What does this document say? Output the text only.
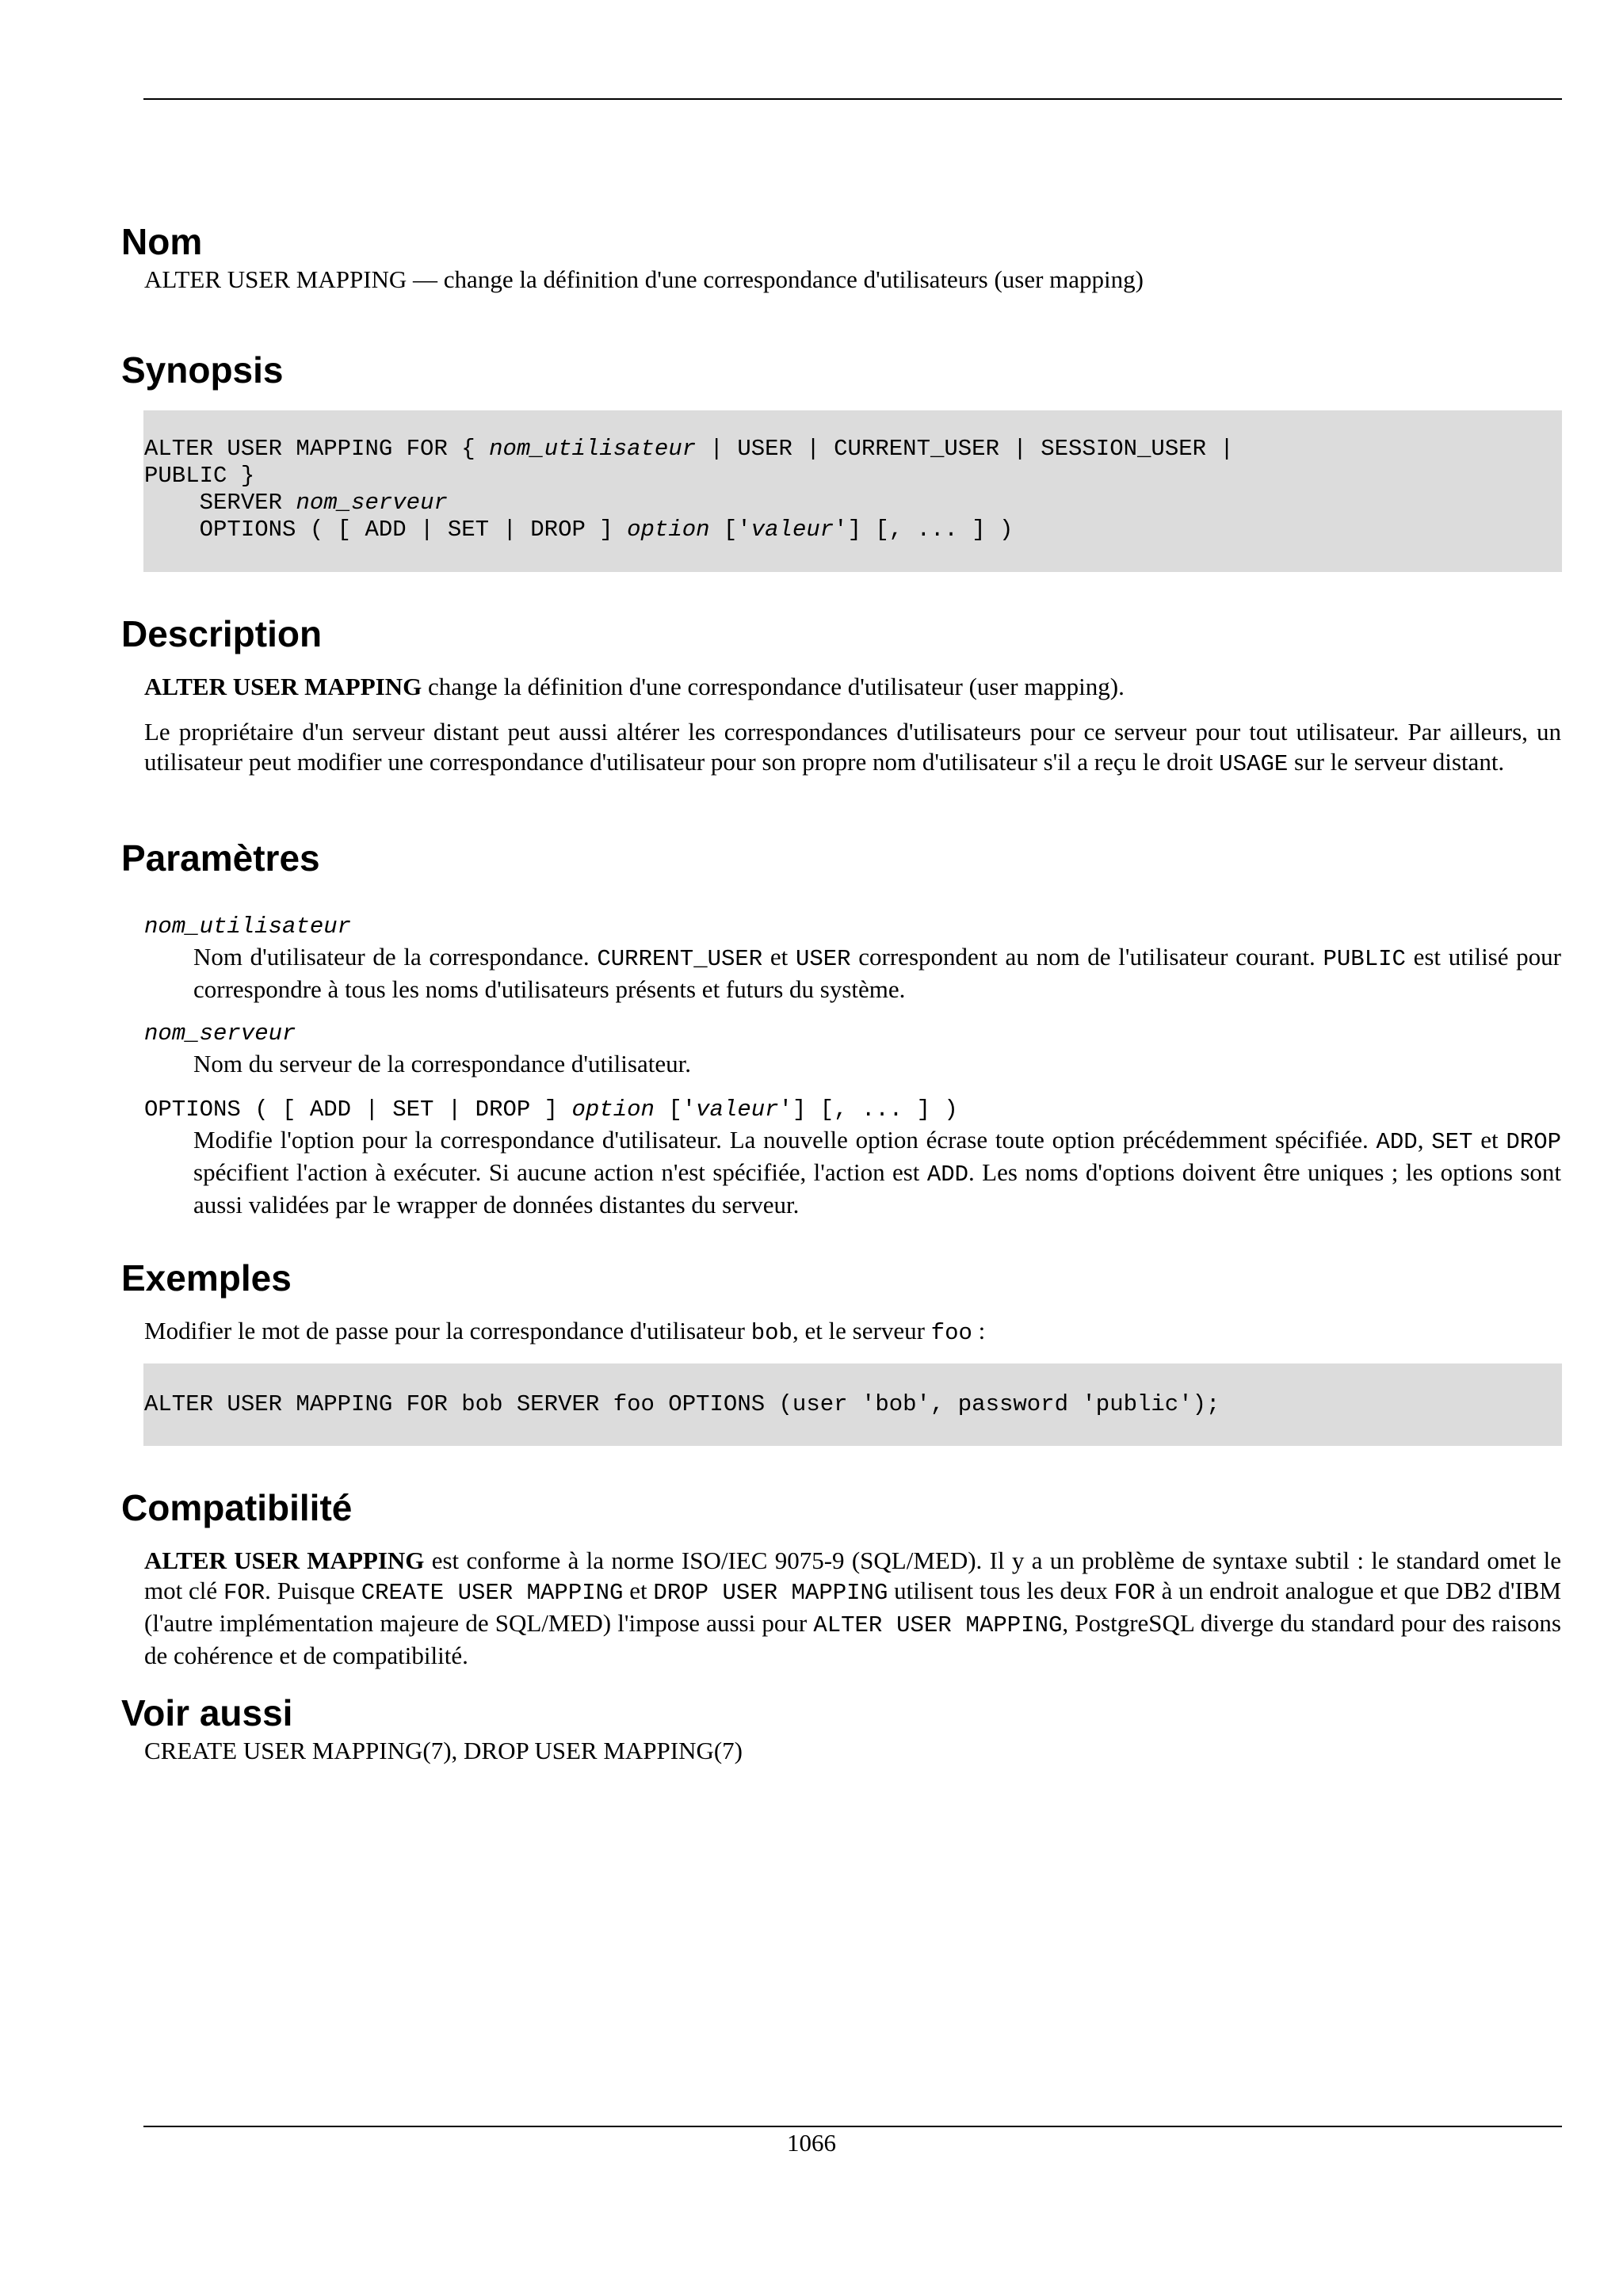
Nom

ALTER USER MAPPING — change la définition d'une correspondance d'utilisateurs (user mapping)

Synopsis
ALTER USER MAPPING FOR { nom_utilisateur | USER | CURRENT_USER | SESSION_USER |
PUBLIC }
SERVER nom_serveur
OPTIONS ( [ ADD | SET | DROP ] option ['valeur'] [, ... ] )
Description

ALTER USER MAPPING change la définition d'une correspondance d'utilisateur (user mapping).

Le propriétaire d'un serveur distant peut aussi altérer les correspondances d'utilisateurs pour ce serveur pour tout utilisateur. Par ailleurs, un utilisateur peut modifier une correspondance d'utilisateur pour son propre nom d'utilisateur s'il a reçu le droit USAGE sur le serveur distant.

Paramètres
nom_utilisateur

Nom d'utilisateur de la correspondance. CURRENT_USER et USER correspondent au nom de l'utilisateur courant. PUBLIC est utilisé pour correspondre à tous les noms d'utilisateurs présents et futurs du système.

nom_serveur

Nom du serveur de la correspondance d'utilisateur.

OPTIONS ( [ ADD | SET | DROP ] option ['valeur'] [, ... ] )

Modifie l'option pour la correspondance d'utilisateur. La nouvelle option écrase toute option précédemment spécifiée. ADD, SET et DROP spécifient l'action à exécuter. Si aucune action n'est spécifiée, l'action est ADD. Les noms d'options doivent être uniques ; les options sont aussi validées par le wrapper de données distantes du serveur.

Exemples

Modifier le mot de passe pour la correspondance d'utilisateur bob, et le serveur foo :

ALTER USER MAPPING FOR bob SERVER foo OPTIONS (user 'bob', password 'public');
Compatibilité

ALTER USER MAPPING est conforme à la norme ISO/IEC 9075-9 (SQL/MED). Il y a un problème de syntaxe subtil : le standard omet le mot clé FOR. Puisque CREATE USER MAPPING et DROP USER MAPPING utilisent tous les deux FOR à un endroit analogue et que DB2 d'IBM (l'autre implémentation majeure de SQL/MED) l'impose aussi pour ALTER USER MAPPING, PostgreSQL diverge du standard pour des raisons de cohérence et de compatibilité.

Voir aussi

CREATE USER MAPPING(7), DROP USER MAPPING(7)

1066
